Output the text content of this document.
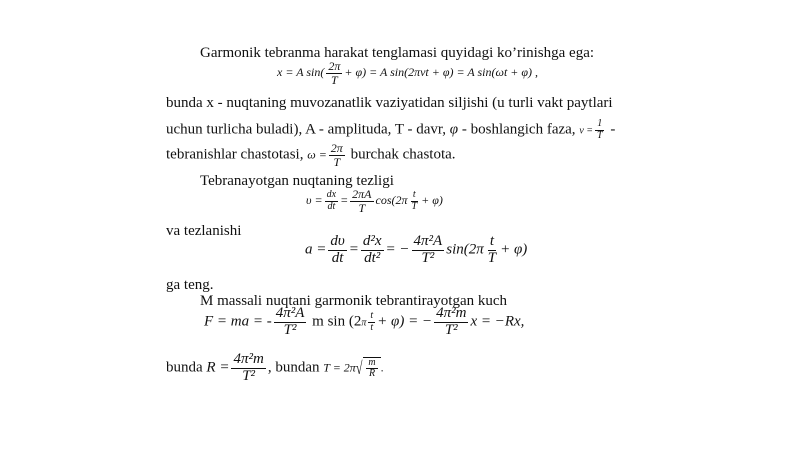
Garmonik tebranma harakat tenglamasi quyidagi ko’rinishga ega:
x = A $\sin( \frac{2\pi}{T} + \varphi) = A$ sin(2πνt + φ) = A sin(ωt + φ) ,
bunda x - nuqtaning muvozanatlik vaziyatidan siljishi (u turli vakt paytlari
uchun turlicha buladi), A - amplituda, T - davr, φ - boshlangich faza, $\nu = \frac{1}{T}$ -
tebranishlar chastotasi, $\omega = \frac{2\pi}{T}$ burchak chastota.
Tebranayotgan nuqtaning tezligi
$\upsilon = \frac{dx}{dt} = \frac{2\pi A}{T} \cos(2\pi \frac{t}{T} + \varphi)$
va tezlanishi
$a = \frac{d\upsilon}{dt} = \frac{\text{d²x}}{\text{dt²}}$ = − $\frac{\text{4π²A}}{\text{T²}} \sin(2\pi \frac{t}{T} + \varphi)$
ga teng.
M massali nuqtani garmonik tebrantirayotgan kuch
F = ma = - $\frac{\text{4π²A}}{\text{T²}}$ m $\sin (2\pi \frac{t}{t} + \varphi)$ = − $\frac{\text{4π²m}}{\text{T²}}$ x = −Rx,
bunda $R = \frac{\text{4π²m}}{\text{T²}}$ , bundan T = 2π √ $\frac{m}{R}$ .
